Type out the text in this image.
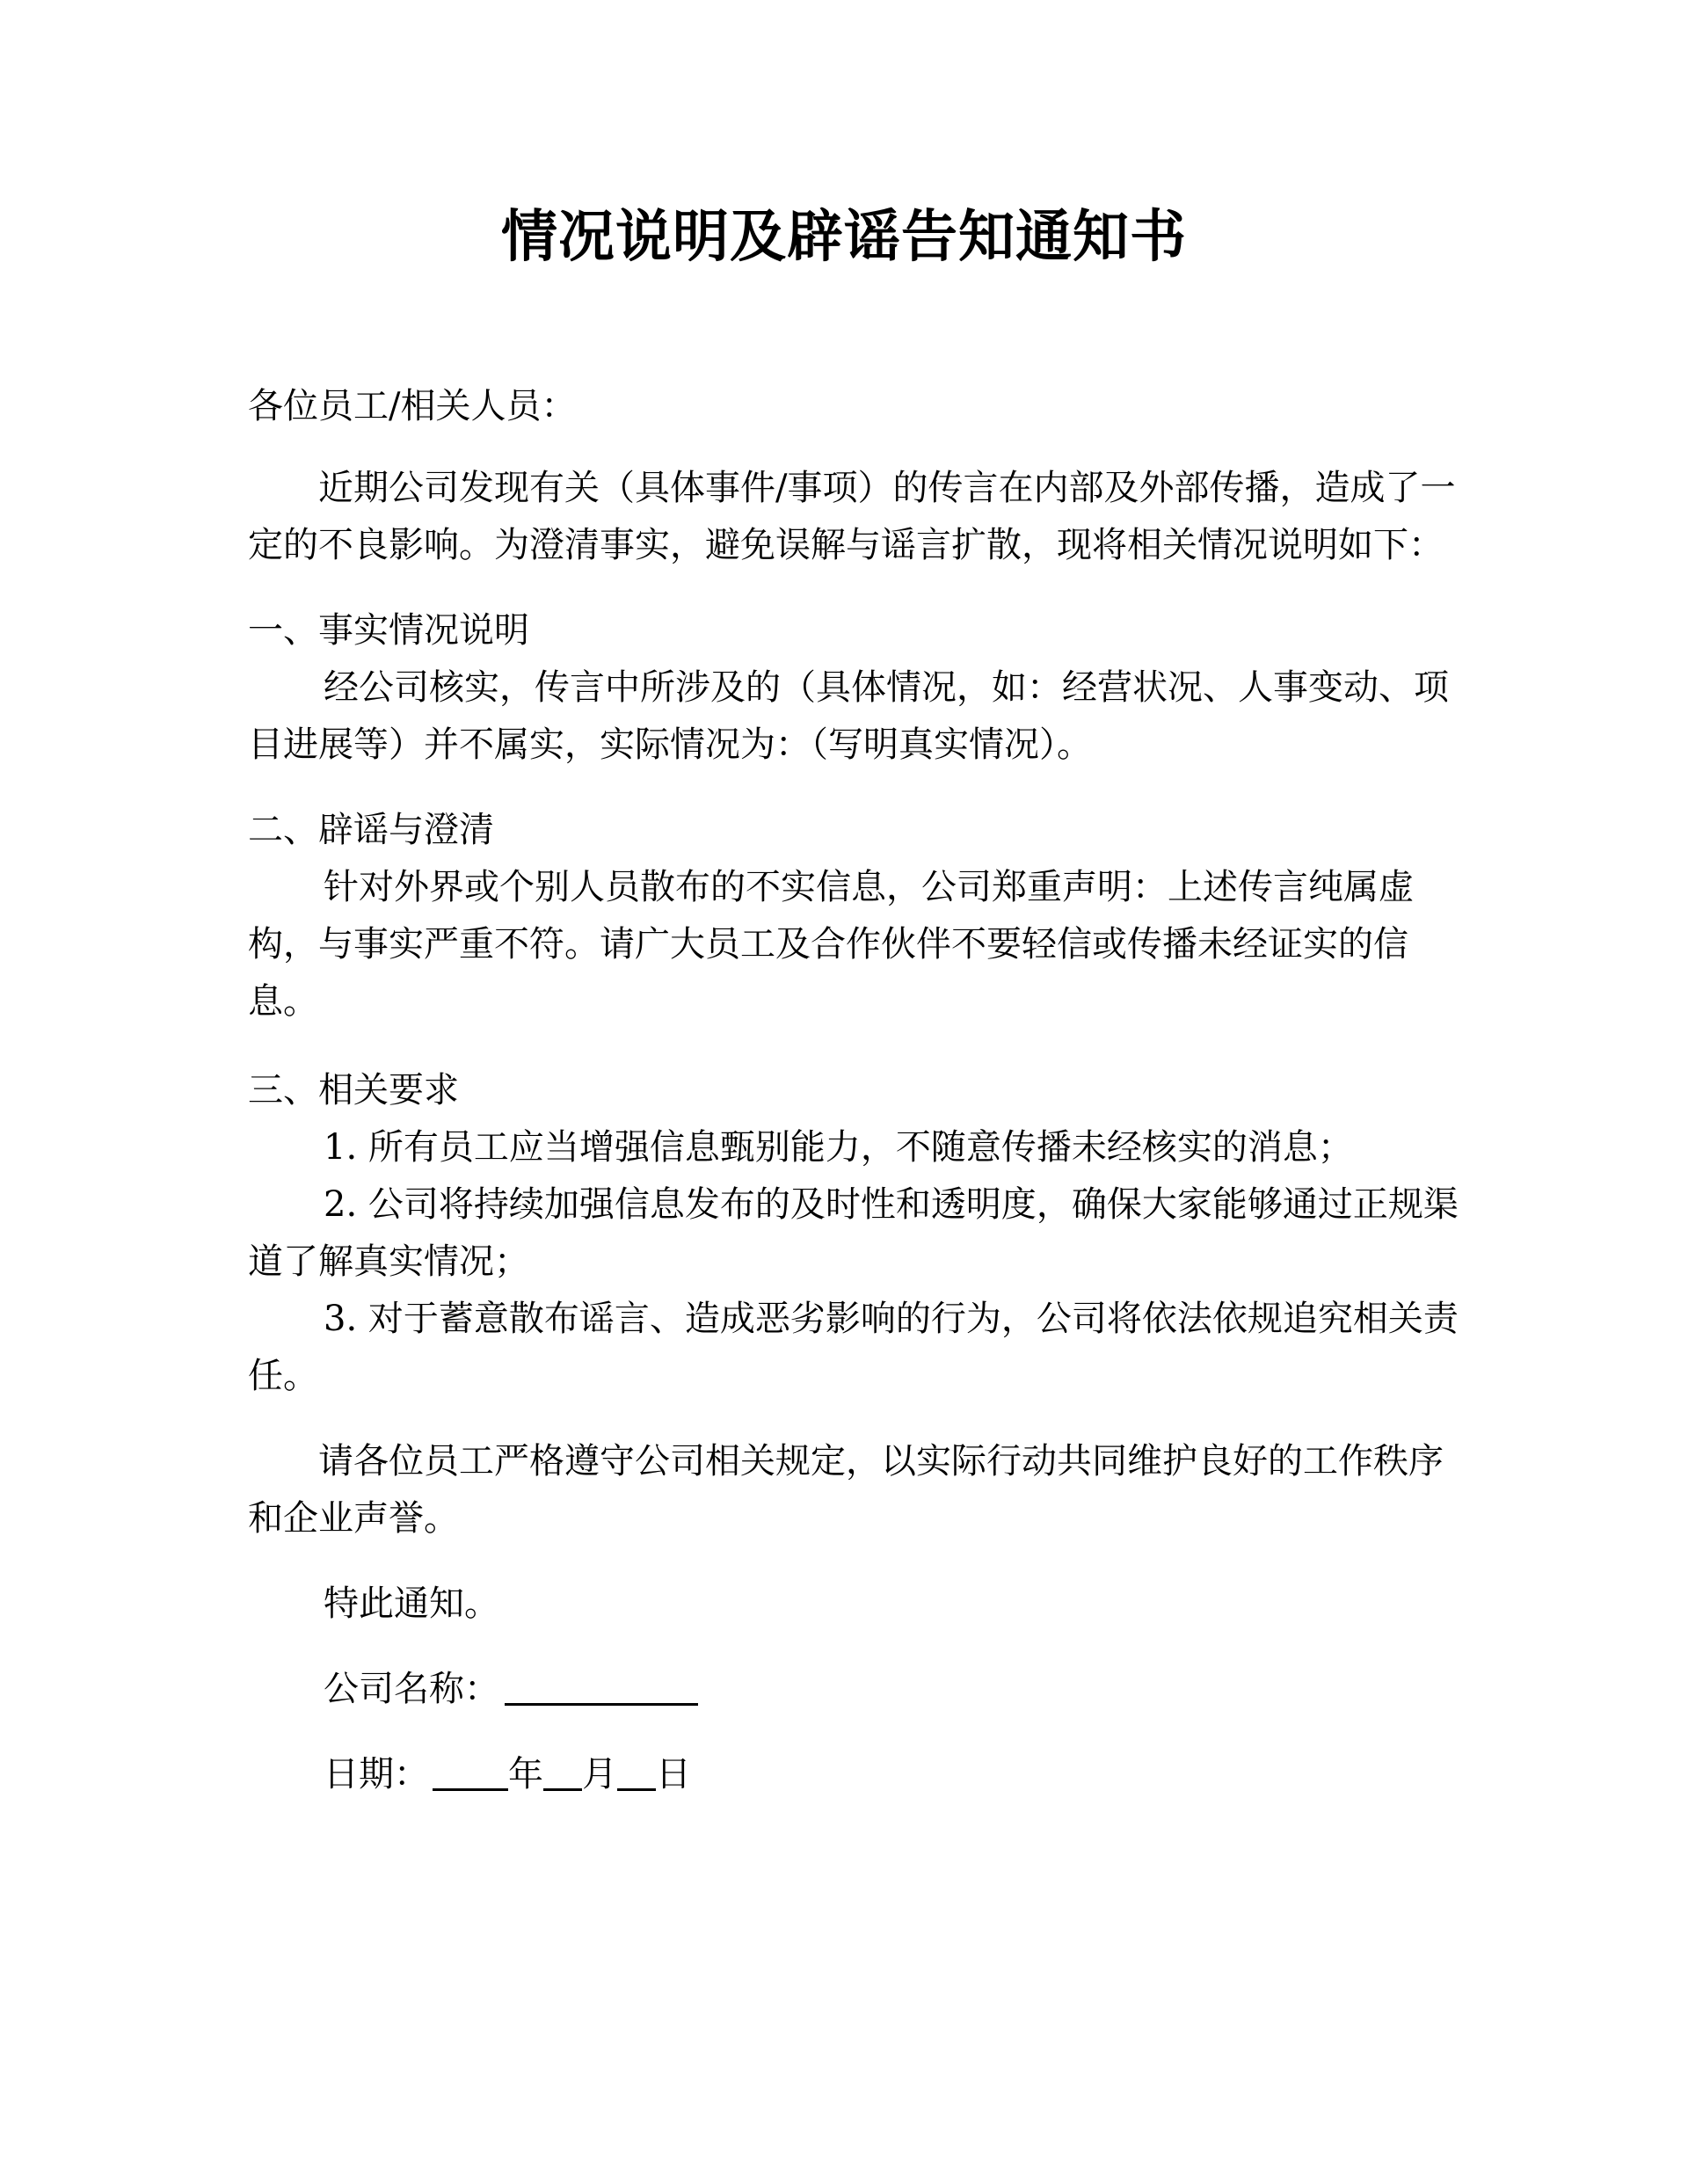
情况说明及辟谣告知通知书

各位员工/相关人员：

近期公司发现有关（具体事件/事项）的传言在内部及外部传播，造成了一定的不良影响。为澄清事实，避免误解与谣言扩散，现将相关情况说明如下：

一、事实情况说明

经公司核实，传言中所涉及的（具体情况，如：经营状况、人事变动、项目进展等）并不属实，实际情况为：（写明真实情况）。

二、辟谣与澄清

针对外界或个别人员散布的不实信息，公司郑重声明：上述传言纯属虚构，与事实严重不符。请广大员工及合作伙伴不要轻信或传播未经证实的信息。

三、相关要求

1. 所有员工应当增强信息甄别能力，不随意传播未经核实的消息；

2. 公司将持续加强信息发布的及时性和透明度，确保大家能够通过正规渠道了解真实情况；

3. 对于蓄意散布谣言、造成恶劣影响的行为，公司将依法依规追究相关责任。

请各位员工严格遵守公司相关规定，以实际行动共同维护良好的工作秩序和企业声誉。

特此通知。

公司名称：

日期： 年 月 日
